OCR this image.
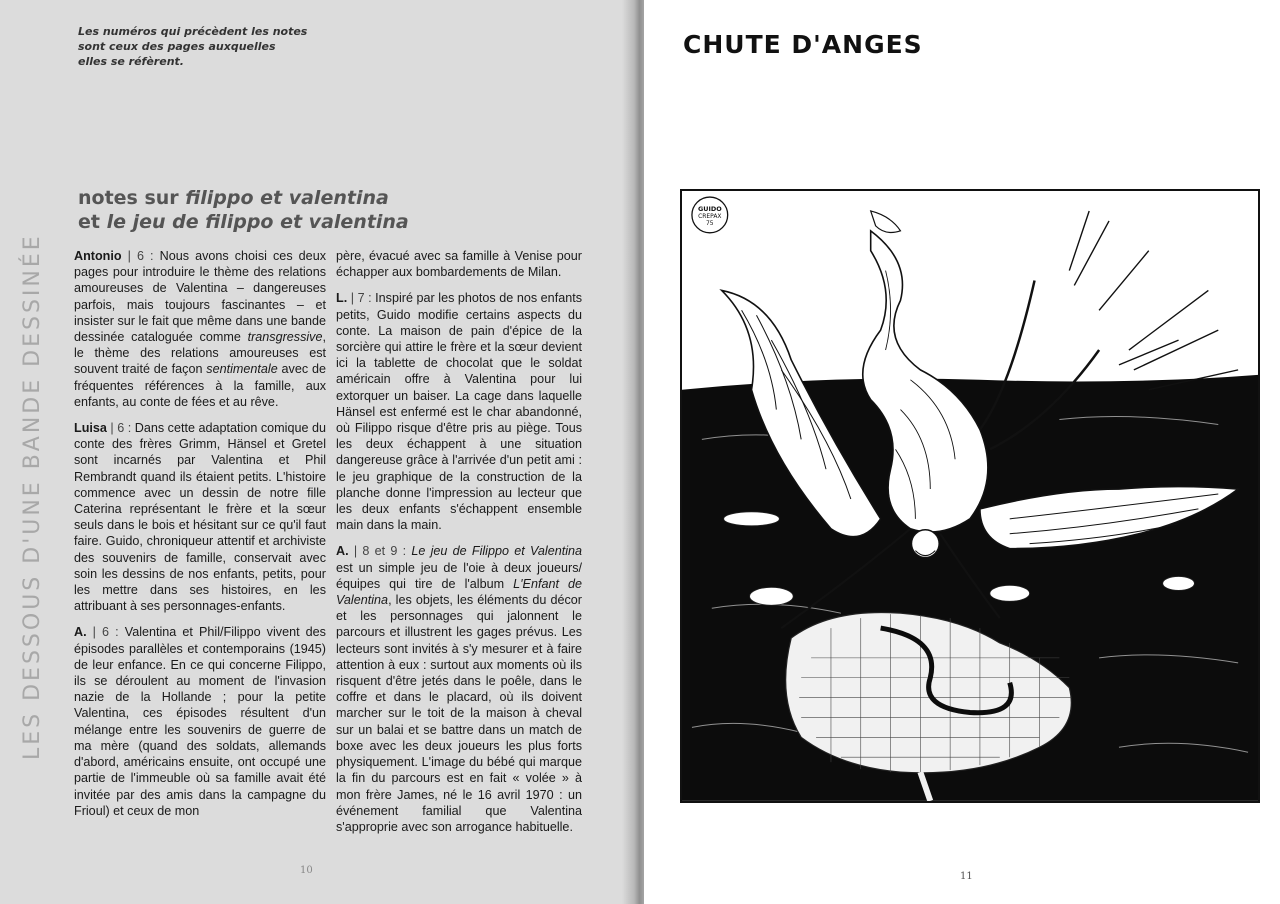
Les numéros qui précèdent les notes sont ceux des pages auxquelles elles se réfèrent.
LES DESSOUS D'UNE BANDE DESSINÉE
notes sur filippo et valentina
et le jeu de filippo et valentina

Antonio | 6 : Nous avons choisi ces deux pages pour introduire le thème des relations amoureuses de Valentina – dangereuses parfois, mais toujours fascinantes – et insister sur le fait que même dans une bande dessinée cataloguée comme transgressive, le thème des relations amoureuses est souvent traité de façon sentimentale avec de fréquentes références à la famille, aux enfants, au conte de fées et au rêve.

Luisa | 6 : Dans cette adaptation comique du conte des frères Grimm, Hänsel et Gretel sont incarnés par Valentina et Phil Rembrandt quand ils étaient petits. L'histoire commence avec un dessin de notre fille Caterina représentant le frère et la sœur seuls dans le bois et hésitant sur ce qu'il faut faire. Guido, chroniqueur attentif et archiviste des souvenirs de famille, conservait avec soin les dessins de nos enfants, petits, pour les mettre dans ses histoires, en les attribuant à ses personnages-enfants.

A. | 6 : Valentina et Phil/Filippo vivent des épisodes parallèles et contemporains (1945) de leur enfance. En ce qui concerne Filippo, ils se déroulent au moment de l'invasion nazie de la Hollande ; pour la petite Valentina, ces épisodes résultent d'un mélange entre les souvenirs de guerre de ma mère (quand des soldats, allemands d'abord, américains ensuite, ont occupé une partie de l'immeuble où sa famille avait été invitée par des amis dans la campagne du Frioul) et ceux de mon

père, évacué avec sa famille à Venise pour échapper aux bombardements de Milan.

L. | 7 : Inspiré par les photos de nos enfants petits, Guido modifie certains aspects du conte. La maison de pain d'épice de la sorcière qui attire le frère et la sœur devient ici la tablette de chocolat que le soldat américain offre à Valentina pour lui extorquer un baiser. La cage dans laquelle Hänsel est enfermé est le char abandonné, où Filippo risque d'être pris au piège. Tous les deux échappent à une situation dangereuse grâce à l'arrivée d'un petit ami : le jeu graphique de la construction de la planche donne l'impression au lecteur que les deux enfants s'échappent ensemble main dans la main.

A. | 8 et 9 : Le jeu de Filippo et Valentina est un simple jeu de l'oie à deux joueurs/équipes qui tire de l'album L'Enfant de Valentina, les objets, les éléments du décor et les personnages qui jalonnent le parcours et illustrent les gages prévus. Les lecteurs sont invités à s'y mesurer et à faire attention à eux : surtout aux moments où ils risquent d'être jetés dans le poêle, dans le coffre et dans le placard, où ils doivent marcher sur le toit de la maison à cheval sur un balai et se battre dans un match de boxe avec les deux joueurs les plus forts physiquement. L'image du bébé qui marque la fin du parcours est en fait « volée » à mon frère James, né le 16 avril 1970 : un événement familial que Valentina s'approprie avec son arrogance habituelle.

10
CHUTE D'ANGES
GUIDO
CREPAX
75
11
